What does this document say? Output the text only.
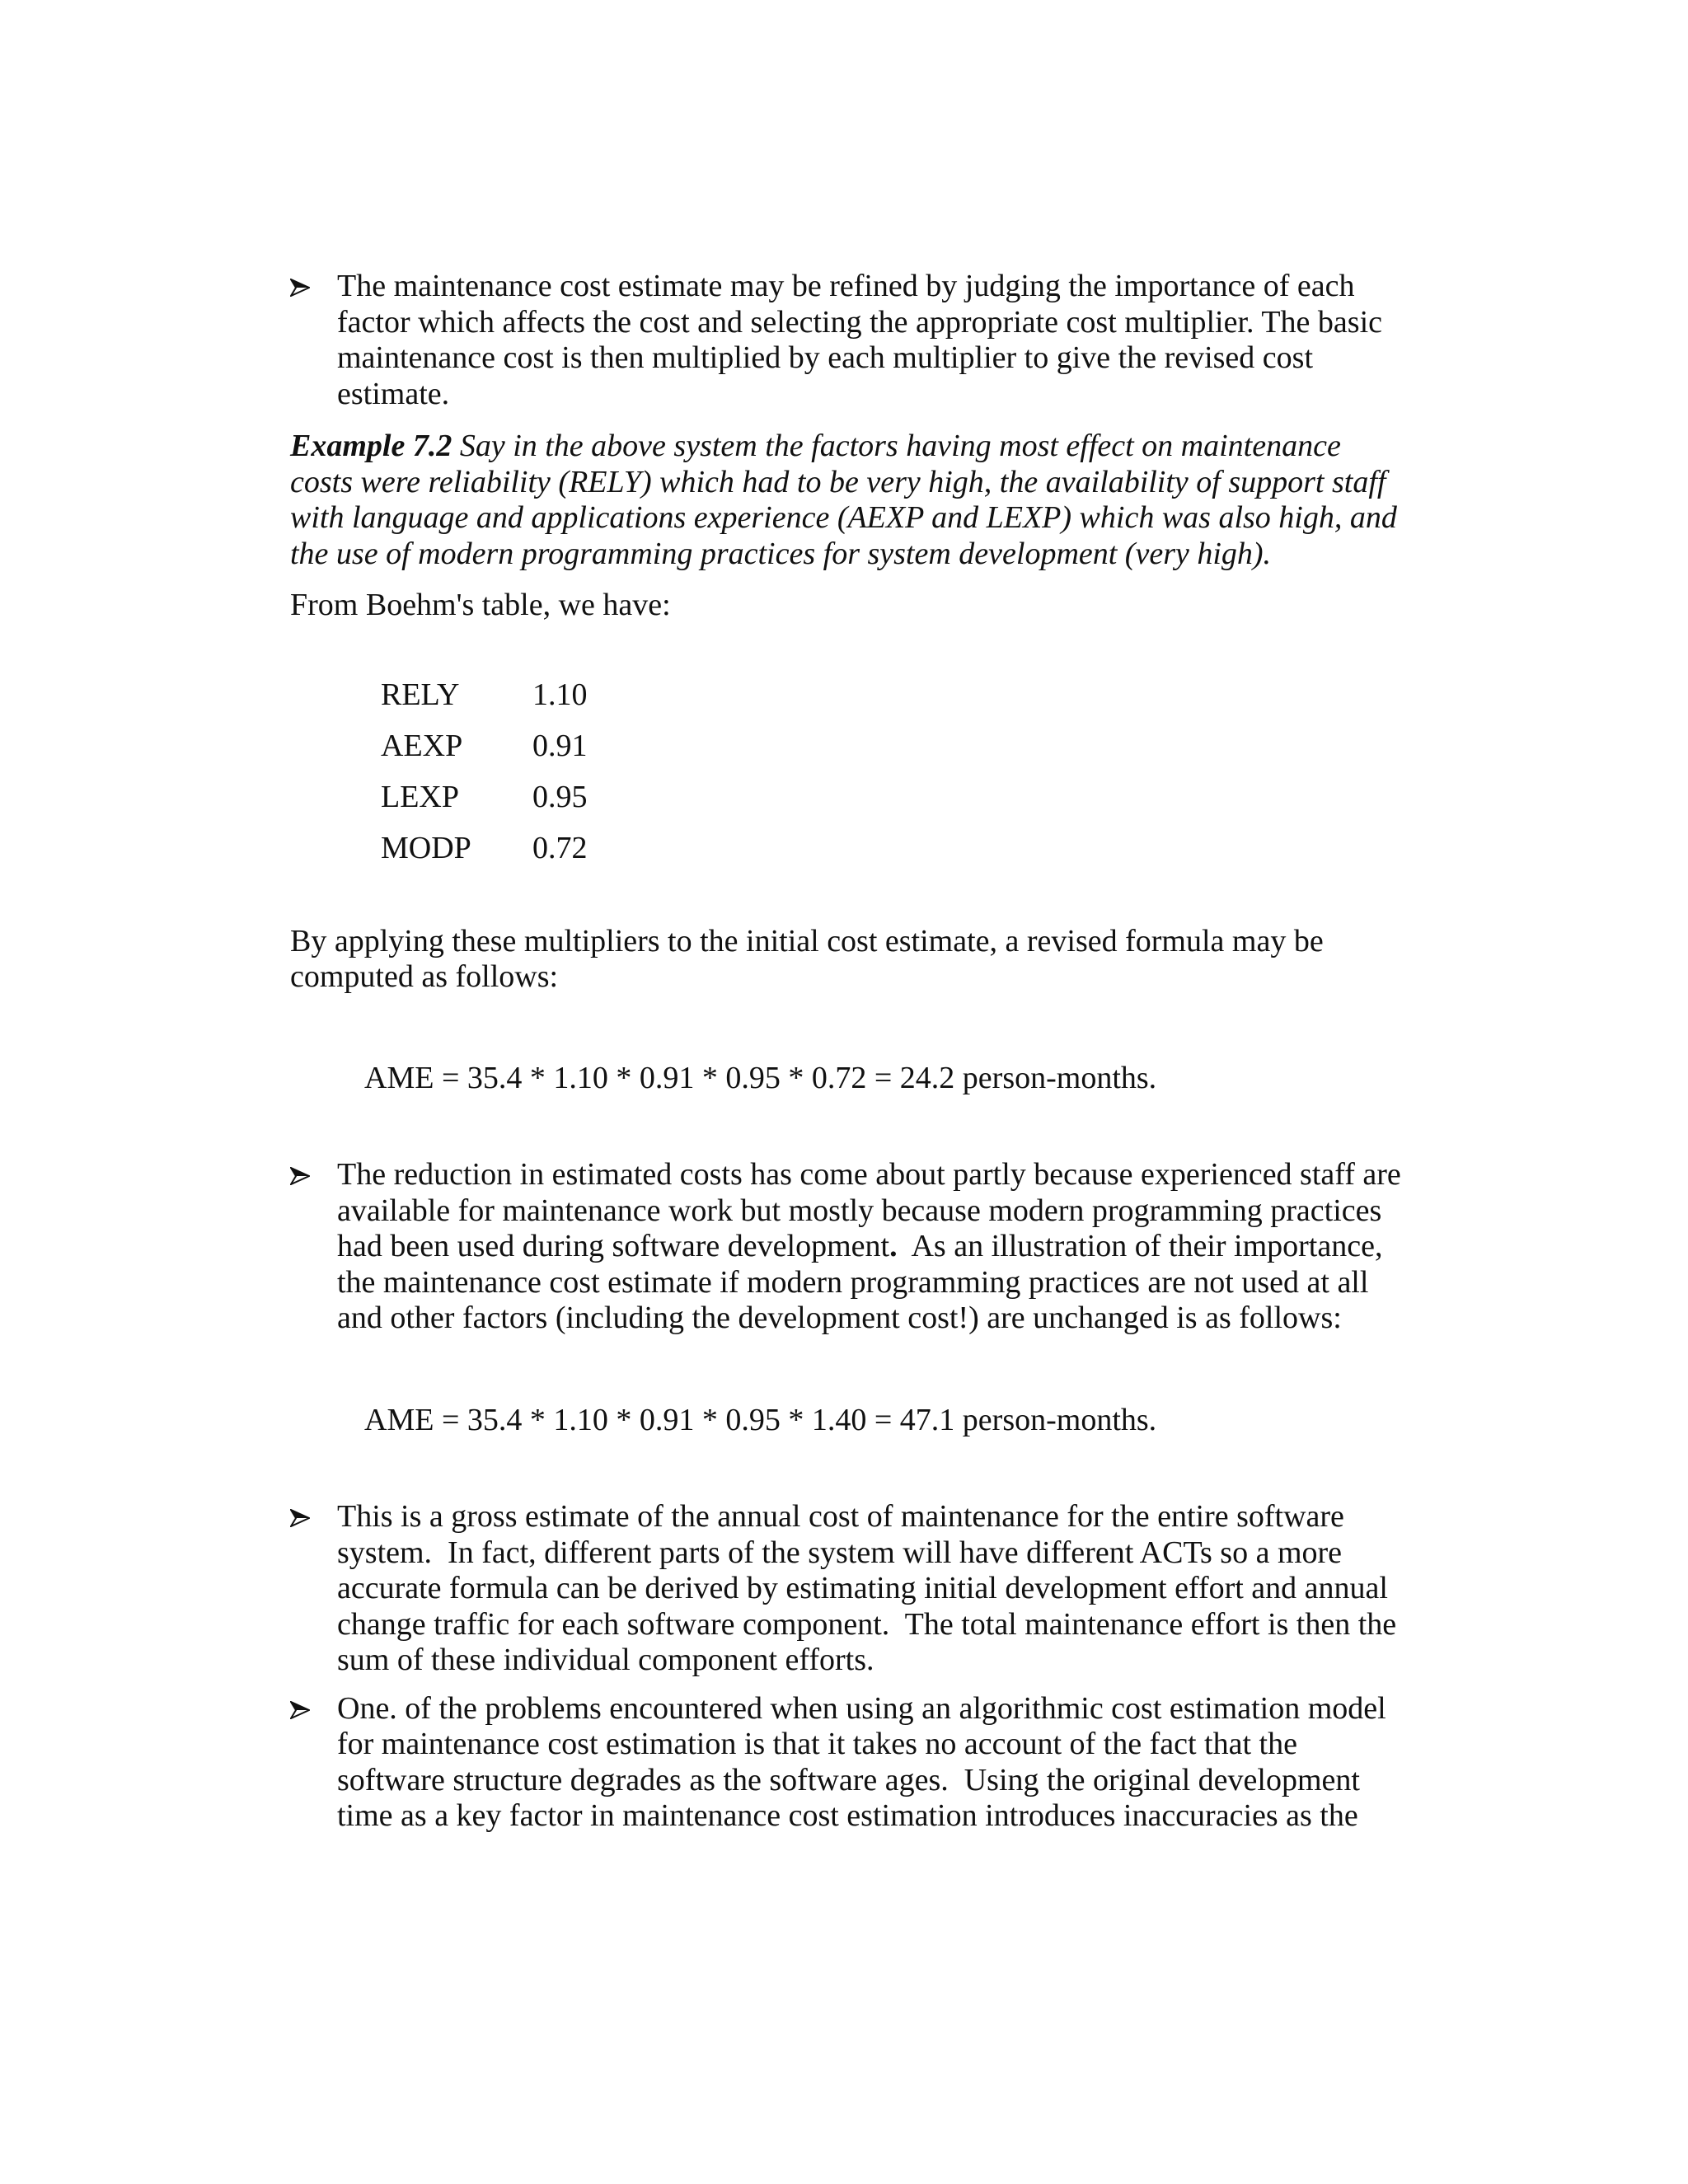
The maintenance cost estimate may be refined by judging the importance of each factor which affects the cost and selecting the appropriate cost multiplier. The basic maintenance cost is then multiplied by each multiplier to give the revised cost estimate.

Example 7.2 Say in the above system the factors having most effect on maintenance costs were reliability (RELY) which had to be very high, the availability of support staff with language and applications experience (AEXP and LEXP) which was also high, and the use of modern programming practices for system development (very high).

From Boehm's table, we have:

RELY	1.10
AEXP	0.91
LEXP	0.95
MODP	0.72

By applying these multipliers to the initial cost estimate, a revised formula may be computed as follows:

AME = 35.4 * 1.10 * 0.91 * 0.95 * 0.72 = 24.2 person-months.

The reduction in estimated costs has come about partly because experienced staff are available for maintenance work but mostly because modern programming practices had been used during software development.  As an illustration of their importance, the maintenance cost estimate if modern programming practices are not used at all and other factors (including the development cost!) are unchanged is as follows:

AME = 35.4 * 1.10 * 0.91 * 0.95 * 1.40 = 47.1 person-months.

This is a gross estimate of the annual cost of maintenance for the entire software system.  In fact, different parts of the system will have different ACTs so a more accurate formula can be derived by estimating initial development effort and annual change traffic for each software component.  The total maintenance effort is then the sum of these individual component efforts.

One. of the problems encountered when using an algorithmic cost estimation model for maintenance cost estimation is that it takes no account of the fact that the software structure degrades as the software ages.  Using the original development time as a key factor in maintenance cost estimation introduces inaccuracies as the
